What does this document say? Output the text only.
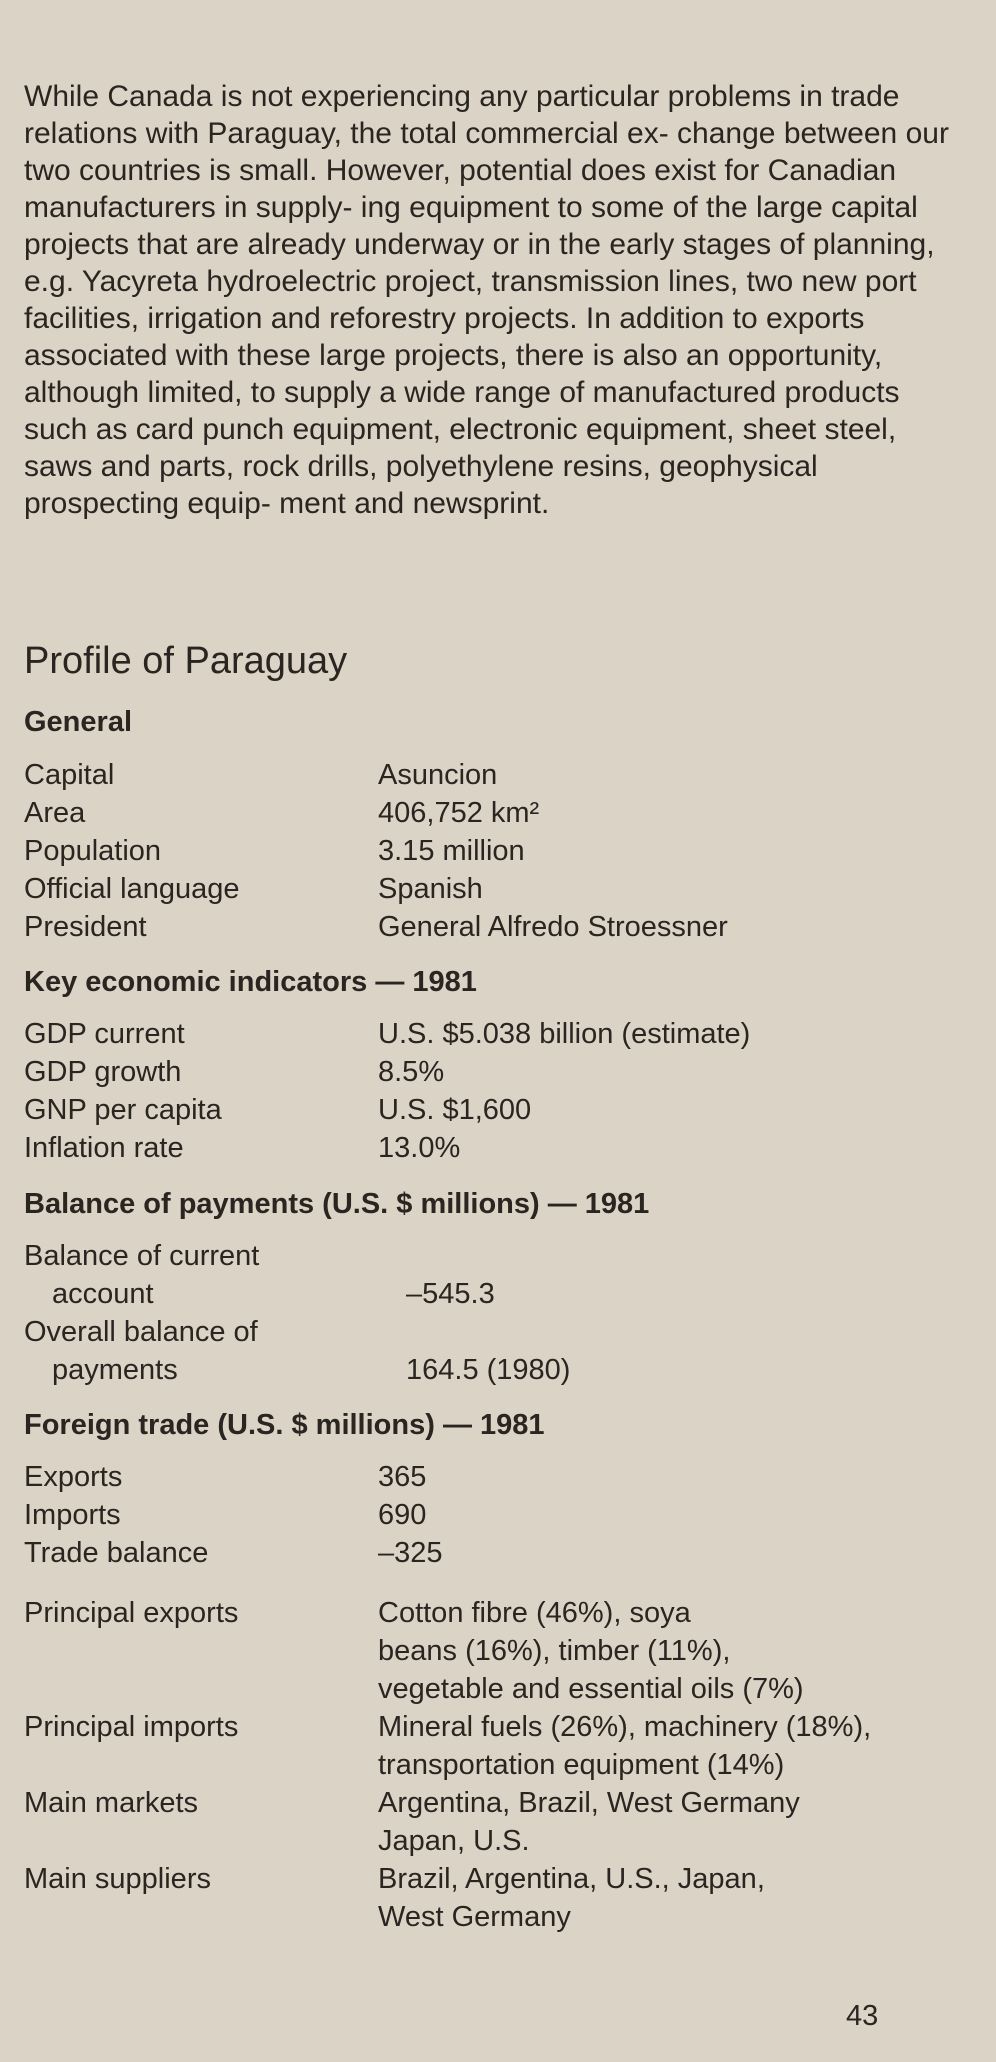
While Canada is not experiencing any particular problems in trade relations with Paraguay, the total commercial ex- change between our two countries is small. However, potential does exist for Canadian manufacturers in supply- ing equipment to some of the large capital projects that are already underway or in the early stages of planning, e.g. Yacyreta hydroelectric project, transmission lines, two new port facilities, irrigation and reforestry projects. In addition to exports associated with these large projects, there is also an opportunity, although limited, to supply a wide range of manufactured products such as card punch equipment, electronic equipment, sheet steel, saws and parts, rock drills, polyethylene resins, geophysical prospecting equip- ment and newsprint.

Profile of Paraguay
General
Capital	Asuncion
Area	406,752 km²
Population	3.15 million
Official language	Spanish
President	General Alfredo Stroessner
Key economic indicators — 1981
GDP current	U.S. $5.038 billion (estimate)
GDP growth	8.5%
GNP per capita	U.S. $1,600
Inflation rate	13.0%
Balance of payments (U.S. $ millions) — 1981
Balance of current
account	–545.3
Overall balance of
payments	164.5 (1980)
Foreign trade (U.S. $ millions) — 1981
Exports	365
Imports	690
Trade balance	–325
Principal exports	Cotton fibre (46%), soya
beans (16%), timber (11%),
vegetable and essential oils (7%)
Principal imports	Mineral fuels (26%), machinery (18%),
transportation equipment (14%)
Main markets	Argentina, Brazil, West Germany
Japan, U.S.
Main suppliers	Brazil, Argentina, U.S., Japan,
West Germany
43
